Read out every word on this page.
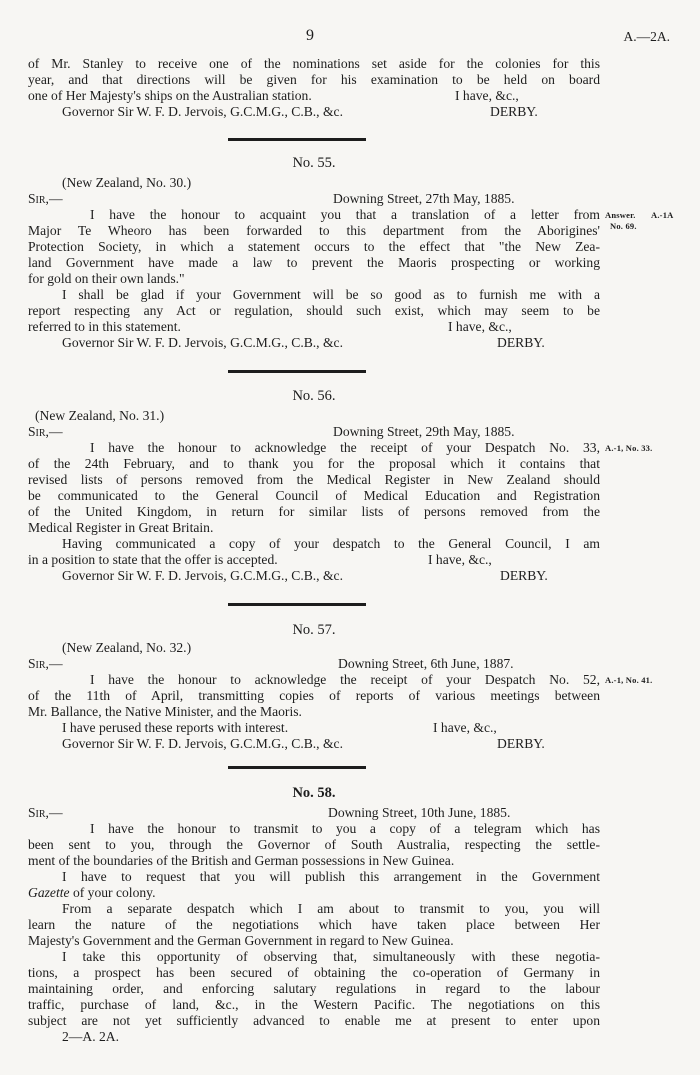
9	A.—2A.
of Mr. Stanley to receive one of the nominations set aside for the colonies for this
year, and that directions will be given for his examination to be held on board
one of Her Majesty's ships on the Australian station.	I have, &c.,
Governor Sir W. F. D. Jervois, G.C.M.G., C.B., &c.	DERBY.
No. 55.
(New Zealand, No. 30.)
Sir,—	Downing Street, 27th May, 1885.
I have the honour to acquaint you that a translation of a letter from
Major Te Wheoro has been forwarded to this department from the Aborigines'
Protection Society, in which a statement occurs to the effect that "the New Zea-
land Government have made a law to prevent the Maoris prospecting or working
for gold on their own lands."
I shall be glad if your Government will be so good as to furnish me with a
report respecting any Act or regulation, should such exist, which may seem to be
referred to in this statement.	I have, &c.,
Governor Sir W. F. D. Jervois, G.C.M.G., C.B., &c.	DERBY.
Answer. A.-1A
No. 69.
No. 56.
(New Zealand, No. 31.)
Sir,—	Downing Street, 29th May, 1885.
I have the honour to acknowledge the receipt of your Despatch No. 33,
of the 24th February, and to thank you for the proposal which it contains that
revised lists of persons removed from the Medical Register in New Zealand should
be communicated to the General Council of Medical Education and Registration
of the United Kingdom, in return for similar lists of persons removed from the
Medical Register in Great Britain.
Having communicated a copy of your despatch to the General Council, I am
in a position to state that the offer is accepted.	I have, &c.,
Governor Sir W. F. D. Jervois, G.C.M.G., C.B., &c.	DERBY.
A.-1, No. 33.
No. 57.
(New Zealand, No. 32.)
Sir,—	Downing Street, 6th June, 1887.
I have the honour to acknowledge the receipt of your Despatch No. 52,
of the 11th of April, transmitting copies of reports of various meetings between
Mr. Ballance, the Native Minister, and the Maoris.
I have perused these reports with interest.	I have, &c.,
Governor Sir W. F. D. Jervois, G.C.M.G., C.B., &c.	DERBY.
A.-1, No. 41.
No. 58.
Sir,—	Downing Street, 10th June, 1885.
I have the honour to transmit to you a copy of a telegram which has
been sent to you, through the Governor of South Australia, respecting the settle-
ment of the boundaries of the British and German possessions in New Guinea.
I have to request that you will publish this arrangement in the Government
Gazette of your colony.
From a separate despatch which I am about to transmit to you, you will
learn the nature of the negotiations which have taken place between Her
Majesty's Government and the German Government in regard to New Guinea.
I take this opportunity of observing that, simultaneously with these negotia-
tions, a prospect has been secured of obtaining the co-operation of Germany in
maintaining order, and enforcing salutary regulations in regard to the labour
traffic, purchase of land, &c., in the Western Pacific. The negotiations on this
subject are not yet sufficiently advanced to enable me at present to enter upon
2—A. 2A.
